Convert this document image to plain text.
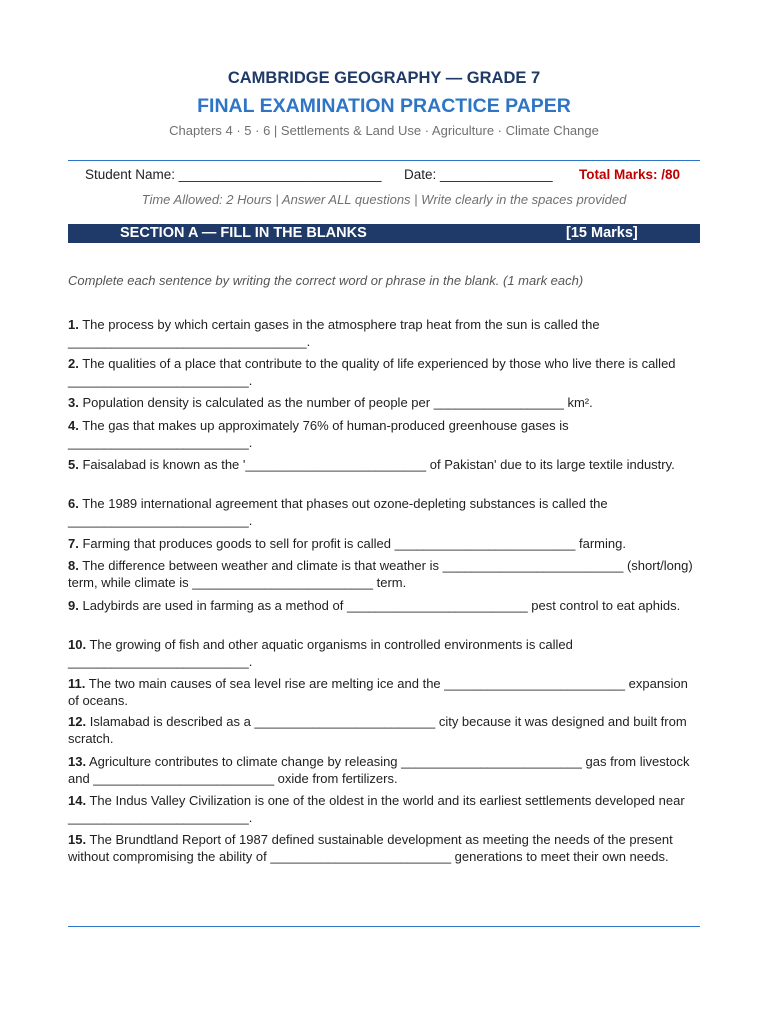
CAMBRIDGE GEOGRAPHY — GRADE 7
FINAL EXAMINATION PRACTICE PAPER
Chapters 4 · 5 · 6 | Settlements & Land Use · Agriculture · Climate Change
Student Name: ___________________________ Date: _______________ Total Marks: /80
Time Allowed: 2 Hours | Answer ALL questions | Write clearly in the spaces provided
SECTION A — FILL IN THE BLANKS	[15 Marks]
Complete each sentence by writing the correct word or phrase in the blank. (1 mark each)
1. The process by which certain gases in the atmosphere trap heat from the sun is called the _________________________________.
2. The qualities of a place that contribute to the quality of life experienced by those who live there is called _________________________.
3. Population density is calculated as the number of people per __________________ km².
4. The gas that makes up approximately 76% of human-produced greenhouse gases is _________________________.
5. Faisalabad is known as the '_________________________ of Pakistan' due to its large textile industry.
6. The 1989 international agreement that phases out ozone-depleting substances is called the _________________________.
7. Farming that produces goods to sell for profit is called _________________________ farming.
8. The difference between weather and climate is that weather is _________________________ (short/long) term, while climate is _________________________ term.
9. Ladybirds are used in farming as a method of _________________________ pest control to eat aphids.
10. The growing of fish and other aquatic organisms in controlled environments is called _________________________.
11. The two main causes of sea level rise are melting ice and the _________________________ expansion of oceans.
12. Islamabad is described as a _________________________ city because it was designed and built from scratch.
13. Agriculture contributes to climate change by releasing _________________________ gas from livestock and _________________________ oxide from fertilizers.
14. The Indus Valley Civilization is one of the oldest in the world and its earliest settlements developed near _________________________.
15. The Brundtland Report of 1987 defined sustainable development as meeting the needs of the present without compromising the ability of _________________________ generations to meet their own needs.
